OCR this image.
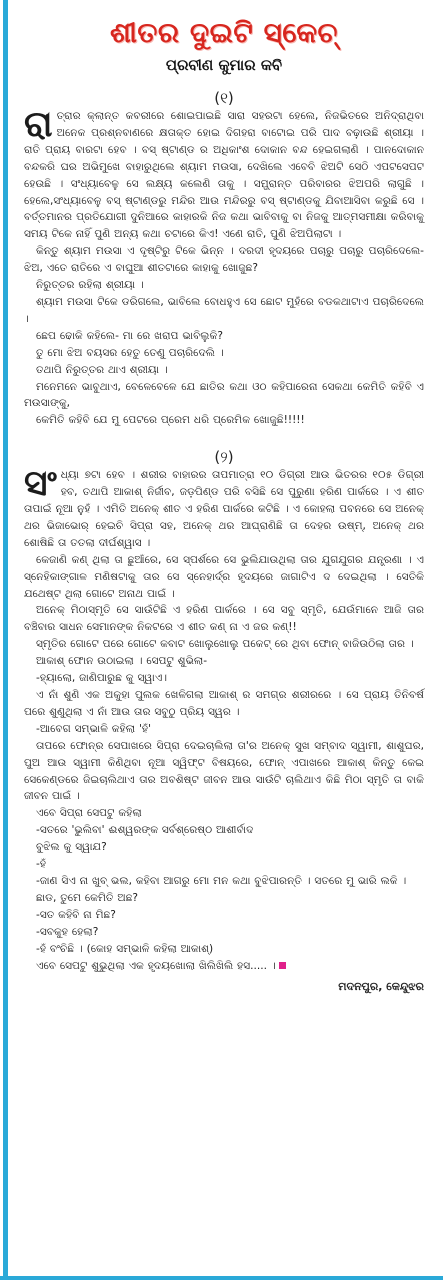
ଶୀତର ଦୁଇଟି ସ୍କେଚ୍
ପ୍ରବୀଣ କୁମାର କବି
(୧)

ରାତ୍ରାର କ୍ଲାନ୍ତ କବରୀରେ ଶୋଇପାଇଛି ସାରା ସହରଟା ହେଲେ, ନିଜଭିତରେ ଅନିଦ୍ରାଥିବା ଅନେକ ପ୍ରଶ୍ନବାଣରେ କ୍ଷତାକ୍ତ ହୋଇ ଦିଗହରା ବାଟୋଇ ପରି ପାଦ ବଢ଼ାଉଛି ଶ୍ରୀୟା । ରାତି ପ୍ରାୟ ବାରଟା ହେବ । ବସ୍ ଷ୍ଟାଣ୍ଡ ର ଅଧିକାଂଶ ଦୋକାନ ବନ୍ଦ ହେଇଗଲାଣି । ପାନଦୋକାନ ବନ୍ଦକରି ଘର ଅଭିମୁଖେ ବାହାରୁଥିଲେ ଶ୍ୟାମ ମଉସା, ଦେଖିଲେ ଏବେବି ଝିଅଟି ସେଠି ଏପଟସେପଟ ହେଉଛି । ସଂଧ୍ୟାବେଳୁ ସେ ଲକ୍ଷ୍ୟ କଲେଣି ତାକୁ । ସମ୍ଭ୍ରାନ୍ତ ପରିବାରର ଝିଅପରି ଲାଗୁଛି । ହେଲେ,ସଂଧ୍ୟାବେଳୁ ବସ୍ ଷ୍ଟାଣ୍ଡରୁ ମନ୍ଦିର ଆଉ ମନ୍ଦିରରୁ ବସ୍ ଷ୍ଟାଣ୍ଡକୁ ଯିବାଆସିବା କରୁଛି ସେ । ବର୍ତ୍ତମାନର ପ୍ରତିଯୋଗୀ ଦୁନିଆରେ କାହାରକି ନିଜ କଥା ଭାବିବାକୁ ବା ନିଜକୁ ଆତ୍ମସମୀକ୍ଷା କରିବାକୁ ସମୟ ଟିକେ ନାହିଁ ପୁଣି ଅନ୍ୟ କଥା ଚଟାରେ କିଏ! ଏଣେ ରାତି, ପୁଣି ଝିଅପିଲାଟା ।

କିନ୍ତୁ ଶ୍ୟାମ ମଉସା ଏ ଦୃଷ୍ଟିରୁ ଟିକେ ଭିନ୍ନ । ଦରଦୀ ହୃଦୟରେ ପଚାରୁ ପଚାରୁ ପଚାରିଦେଲେ- ଝିଅ, ଏତେ ରାତିରେ ଏ ବାଘୁଆ ଶୀତଟାରେ କାହାକୁ ଖୋଜୁଛ?

ନିରୁତ୍ତର ରହିଲା ଶ୍ରୀୟା ।

ଶ୍ୟାମ ମଉସା ଟିକେ ଡରିଗଲେ, ଭାବିଲେ ବୋଧହୁଏ ସେ ଛୋଟ ମୁହଁରେ ବଡକଥାଟାଏ ପଚାରିଦେଲେ ।

ଛେପ ଢୋକି କହିଲେ- ମା ରେ ଖରାପ ଭାବିଲୁକି?

ତୁ ମୋ ଝିଅ ବୟସର ହେତୁ ତେଣୁ ପଚାରିଦେଲି ।

ତଥାପି ନିରୁତ୍ତର ଥାଏ ଶ୍ରୀୟା ।

ମନେମନେ ଭାବୁଥାଏ, ବେଳେବେଳେ ଯେ ଛାତିର କଥା ଓଠ କହିପାରେନା ସେକଥା କେମିତି କହିବି ଏ ମଉସାଙ୍କୁ,

କେମିତି କହିବି ଯେ ମୁ ପେଟରେ ପ୍ରେମ ଧରି ପ୍ରେମିକ ଖୋଜୁଛି!!!!!

(୨)

ସଂଧ୍ୟା ୭ଟା ହେବ । ଶରୀର ବାହାରର ତାପମାତ୍ରା ୧୦ ଡିଗ୍ରୀ ଆଉ ଭିତରର ୧୦୫ ଡିଗ୍ରୀ ହବ, ତଥାପି ଆକାଶ୍ ନିର୍ଜୀବ, ଜଡ଼ପିଣ୍ଡ ପରି ବସିଛି ସେ ପୁରୁଣା ହରିଣ ପାର୍କରେ । ଏ ଶୀତ ତାପାଇଁ ନୂଆ ନୁହଁ । ଏମିତି ଅନେକ୍ ଶୀତ ଏ ହରିଣ ପାର୍କରେ କଟିଛି । ଏ କୋହଲା ପବନରେ ସେ ଅନେକ୍ ଥର ଭିଜାଭୋର୍ ହେଇଚି ସିପ୍ରା ସହ, ଅନେକ୍ ଥର ଆଘ୍ରାଣିଛି ତା ଦେହର ଉଷ୍ମ୍, ଅନେକ୍ ଥର ଶୋଷିଛି ତା ତତଲା ଦୀର୍ଘଶ୍ୱାସ ।

କେଜାଣି କଣ୍ ଥିଲା ତା ଛୁଆଁରେ, ସେ ସ୍ପର୍ଶରେ ସେ ଭୁଲିଯାଉଥିଲା ତାର ଯୁଗଯୁଗର ଯନ୍ତ୍ରଣା । ଏ ସ୍ନେହିକାଙ୍ଗାଳ ମଣିଷଟାକୁ ତାର ସେ ସ୍ନେହାର୍ଦ୍ର ହୃଦୟରେ ଜାଗାଟିଏ ଦ ଦେଇଥିଲା । ସେତିକି ଯଥେଷ୍ଟ ଥିଲା ଗୋଟେ ଅନାଥ ପାଇଁ ।

ଅନେକ୍ ମିଠାସ୍ମୃତି ସେ ସାଉଁଟିଛି ଏ ହରିଣ ପାର୍କରେ । ସେ ସବୁ ସ୍ମୃତି, ଯେଉଁମାନେ ଆଜି ତାର ବଞ୍ଚିବାର ସାଧନ ସେମାନଙ୍କ ନିକଟରେ ଏ ଶୀତ କଣ୍ ନା ଏ ଜର କଣ୍!!

ସ୍ମୃତିର ଗୋଟେ ପରେ ଗୋଟେ କବାଟ ଖୋଲୁଖୋଲୁ ପକେଟ୍ ରେ ଥିବା ଫୋନ୍ ବାଜିଉଠିଲା ତାର ।

ଆକାଶ୍ ଫୋନ ଉଠାଇଲା । ସେପଟୁ ଶୁଭିଲା-

-ହ୍ୟାଲୋ, ଜାଣିପାରୁଛ କୁ ସ୍ୱାଏ।

ଏ ନାଁ ଶୁଣି ଏକ ଅକୁହା ପୁଲକ ଖେଳିଗଲା ଆକାଶ୍ ର ସମଗ୍ର ଶରୀରରେ । ସେ ପ୍ରାୟ ତିନିବର୍ଷ ପରେ ଶୁଣୁଥିଲା ଏ ନାଁ ଆଉ ତାର ସବୁଠୁ ପ୍ରିୟ ସ୍ୱର ।

-ଆବେଗ ସମ୍ଭାଳି କହିଲା 'ହଁ'

ତାପରେ ଫୋନ୍‌ର ସେପାଖରେ ସିପ୍ରା ଦେଇଚାଲିଲା ତା'ର ଅନେକ୍ ସୁଖ ସମ୍ବାଦ ସ୍ୱାମୀ, ଶାଶୁଘର, ପୁଅ ଆଉ ସ୍ୱାମୀ କିଣିଥିବା ନୂଆ ସ୍ୱିଫ୍ଟ ବିଷୟରେ, ଫୋନ୍ ଏପାଖରେ ଆକାଶ୍ କିନ୍ତୁ କେଇ ସେକେଣ୍ଡରେ ଜିଇଚାଲିଥାଏ ତାର ଅବଶିଷ୍ଟ ଜୀବନ ଆଉ ସାଉଁଟି ଚାଲିଥାଏ କିଛି ମିଠା ସ୍ମୃତି ତା ବାକି ଜୀବନ ପାଇଁ ।

ଏବେ ସିପ୍ରା ସେପଟୁ କହିଲା

-ସତରେ 'ଭୁଲିବା' ଈଶ୍ୱରଙ୍କ ସର୍ବଶ୍ରେଷ୍ଠ ଆଶୀର୍ବାଦ

ବୁଝିଲ କୁ ସ୍ୱାଯ?

-ହଁ

-ଜାଣ ସିଏ ନା ଖୁବ୍ ଭଲ, କହିବା ଆଗରୁ ମୋ ମନ କଥା ବୁଝିପାରନ୍ତି । ସତରେ ମୁ ଭାରି ଲକି ।

ଛାଡ, ତୁମେ କେମିତି ଅଛ?

-ସତ କହିବି ନା ମିଛ?

-ସବକୁହ ହେଲା?

-ହଁ ବଂଚିଛି । (କୋହ ସମ୍ଭାଳି କହିଲା ଆକାଶ୍)

ଏବେ ସେପଟୁ ଶୁଭୁଥିଲା ଏକ ହୃଦୟଖୋଲା ଖିଲିଖିଲି ହସ..... ।

ମଦନପୁର, କେନ୍ଦୁଝର
